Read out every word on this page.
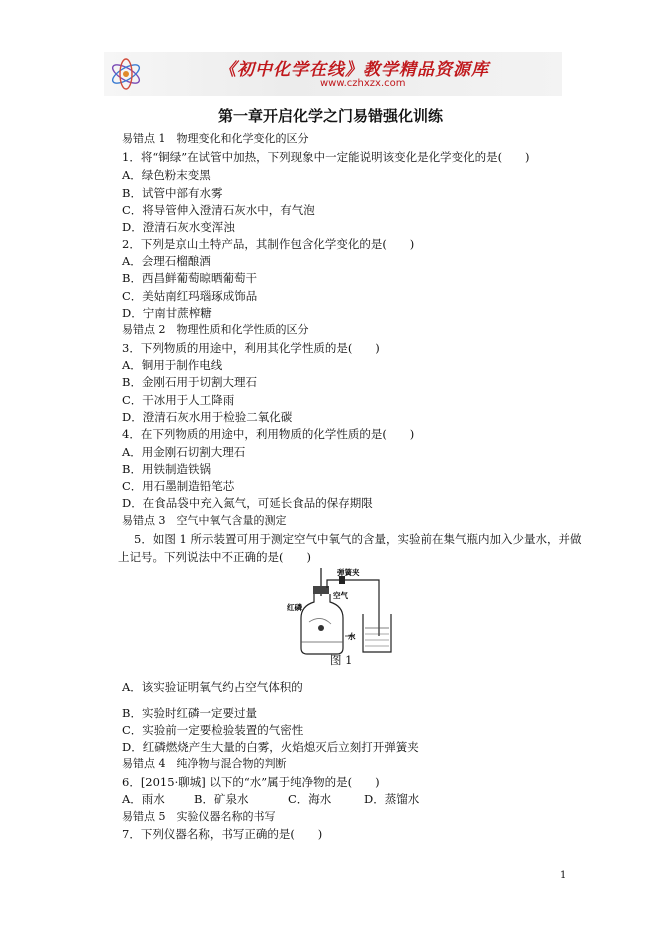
《初中化学在线》教学精品资源库
www.czhxzx.com
第一章开启化学之门易错强化训练
易错点 1　物理变化和化学变化的区分
1．将“铜绿”在试管中加热，下列现象中一定能说明该变化是化学变化的是(　　)
A．绿色粉末变黑
B．试管中部有水雾
C．将导管伸入澄清石灰水中，有气泡
D．澄清石灰水变浑浊
2．下列是京山土特产品，其制作包含化学变化的是(　　)
A．会理石榴酿酒
B．西昌鲜葡萄晾晒葡萄干
C．美姑南红玛瑙琢成饰品
D．宁南甘蔗榨糖
易错点 2　物理性质和化学性质的区分
3．下列物质的用途中，利用其化学性质的是(　　)
A．铜用于制作电线
B．金刚石用于切割大理石
C．干冰用于人工降雨
D．澄清石灰水用于检验二氧化碳
4．在下列物质的用途中，利用物质的化学性质的是(　　)
A．用金刚石切割大理石
B．用铁制造铁锅
C．用石墨制造铅笔芯
D．在食品袋中充入氮气，可延长食品的保存期限
易错点 3　空气中氧气含量的测定
5．如图 1 所示装置可用于测定空气中氧气的含量，实验前在集气瓶内加入少量水，并做
上记号。下列说法中不正确的是(　　)
弹簧夹
空气
红磷
水
图 1
A．该实验证明氧气约占空气体积的
B．实验时红磷一定要过量
C．实验前一定要检验装置的气密性
D．红磷燃烧产生大量的白雾，火焰熄灭后立刻打开弹簧夹
易错点 4　纯净物与混合物的判断
6．[2015·聊城] 以下的“水”属于纯净物的是(　　)
A．雨水	B．矿泉水	C．海水	D．蒸馏水
易错点 5　实验仪器名称的书写
7．下列仪器名称，书写正确的是(　　)
1
